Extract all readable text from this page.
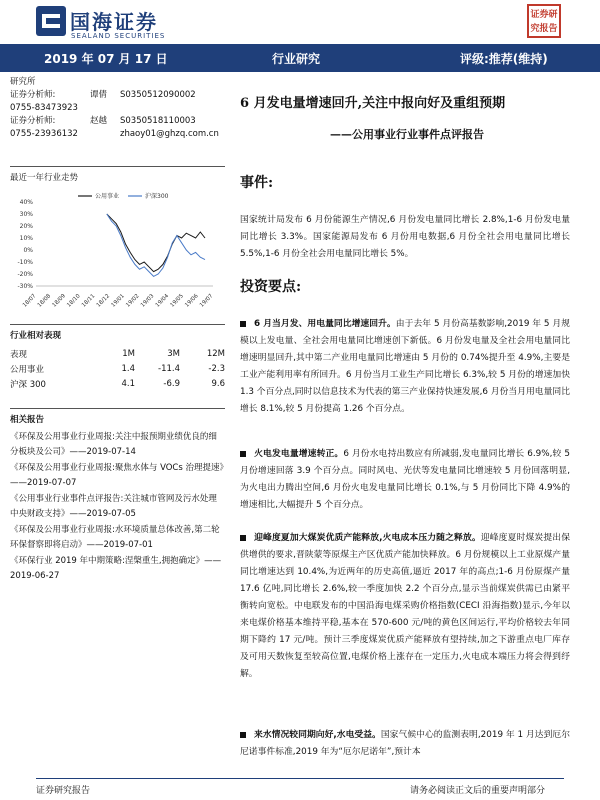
国海证券
SEALAND SECURITIES
证券研究报告
2019 年 07 月 17 日	行业研究	评级:推荐(维持)
研究所
证券分析师:	谭倩	S0350512090002
0755-83473923
证券分析师:	赵越	S0350518110003
0755-23936132	zhaoy01@ghzq.com.cn
6 月发电量增速回升,关注中报向好及重组预期
——公用事业行业事件点评报告
最近一年行业走势
40%
30%
20%
10%
0%
-10%
-20%
-30%
18/07 18/08 18/09 18/10 18/11 18/12 19/01 19/02 19/03 19/04 19/05 19/06 19/07
公用事业	沪深300
行业相对表现
表现	1M	3M	12M
公用事业	1.4	-11.4	-2.3
沪深 300	4.1	-6.9	9.6
相关报告
《环保及公用事业行业周报:关注中报预期业绩优良的细分板块及公司》——2019-07-14
《环保及公用事业行业周报:聚焦水体与 VOCs 治理提速》——2019-07-07
《公用事业行业事件点评报告:关注城市管网及污水处理中央财政支持》——2019-07-05
《环保及公用事业行业周报:水环境质量总体改善,第二轮环保督察即将启动》——2019-07-01
《环保行业 2019 年中期策略:涅槃重生,拥抱确定》——2019-06-27
事件:
国家统计局发布 6 月份能源生产情况,6 月份发电量同比增长 2.8%,1-6 月份发电量同比增长 3.3%。国家能源局发布 6 月份用电数据,6 月份全社会用电量同比增长 5.5%,1-6 月份全社会用电量同比增长 5%。
投资要点:
6 月当月发、用电量同比增速回升。由于去年 5 月份高基数影响,2019 年 5 月规模以上发电量、全社会用电量同比增速创下新低。6 月份发电量及全社会用电量同比增速明显回升,其中第二产业用电量同比增速由 5 月份的 0.74%提升至 4.9%,主要是工业产能利用率有所回升。6 月份当月工业生产同比增长 6.3%,较 5 月份的增速加快 1.3 个百分点,同时以信息技术为代表的第三产业保持快速发展,6 月份当月用电量同比增长 8.1%,较 5 月份提高 1.26 个百分点。
火电发电量增速转正。6 月份水电持出数应有所减弱,发电量同比增长 6.9%,较 5 月份增速回落 3.9 个百分点。同时风电、光伏等发电量同比增速较 5 月份回落明显,为火电出力腾出空间,6 月份火电发电量同比增长 0.1%,与 5 月份同比下降 4.9%的增速相比,大幅提升 5 个百分点。
迎峰度夏加大煤炭优质产能释放,火电成本压力随之释放。迎峰度夏时煤炭提出保供增供的要求,晋陕蒙等原煤主产区优质产能加快释放。6 月份规模以上工业原煤产量同比增速达到 10.4%,为近两年的历史高值,逼近 2017 年的高点;1-6 月份原煤产量 17.6 亿吨,同比增长 2.6%,较一季度加快 2.2 个百分点,显示当前煤炭供需已由紧平衡转向宽松。中电联发布的中国沿海电煤采购价格指数(CECI 沿海指数)显示,今年以来电煤价格基本维持平稳,基本在 570-600 元/吨的黄色区间运行,平均价格较去年同期下降约 17 元/吨。预计三季度煤炭优质产能释放有望持续,加之下游重点电厂库存及可用天数恢复至较高位置,电煤价格上涨存在一定压力,火电成本端压力将会得到纾解。
来水情况较同期向好,水电受益。国家气候中心的监测表明,2019 年 1 月达到厄尔尼诺事件标准,2019 年为“厄尔尼诺年”,预计本
证券研究报告	请务必阅读正文后的重要声明部分
